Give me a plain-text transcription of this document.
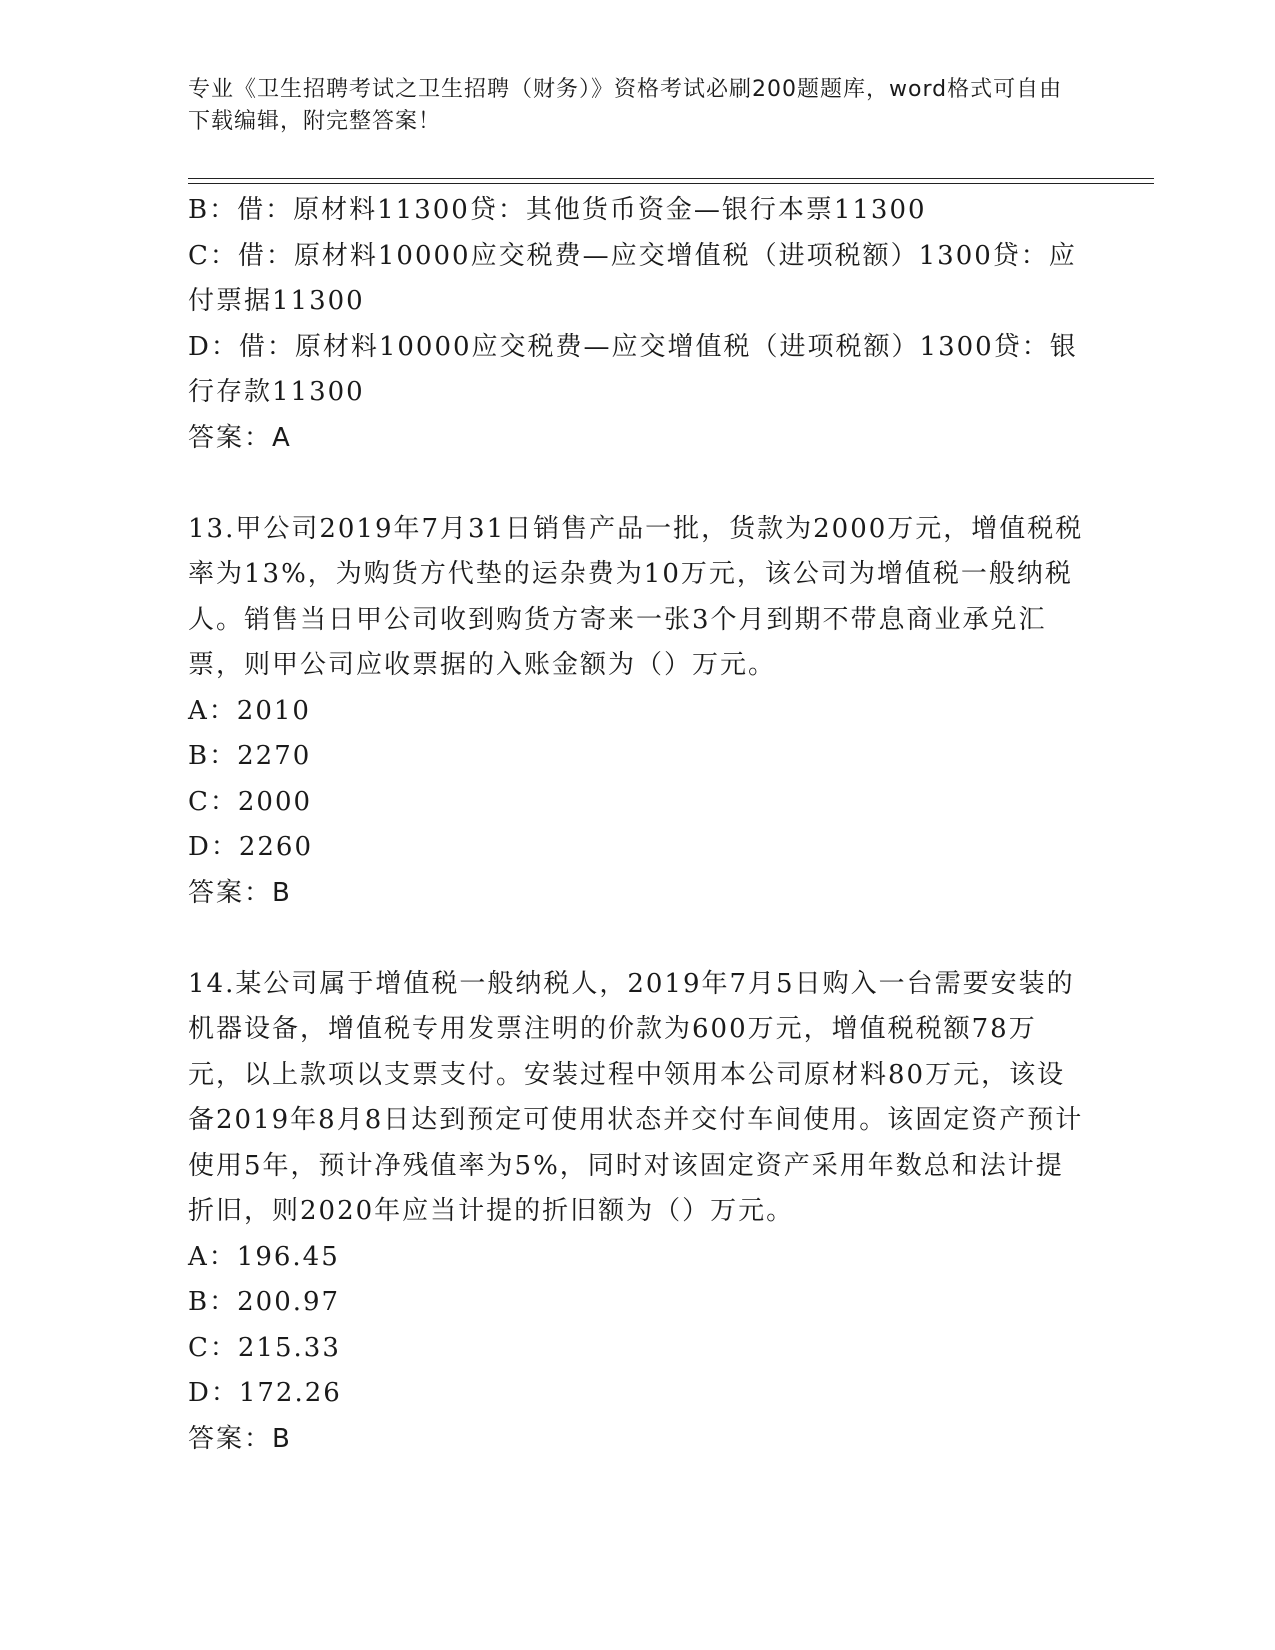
专业《卫生招聘考试之卫生招聘（财务）》资格考试必刷200题题库，word格式可自由下载编辑，附完整答案！
B：借：原材料11300贷：其他货币资金—银行本票11300
C：借：原材料10000应交税费—应交增值税（进项税额）1300贷：应付票据11300
D：借：原材料10000应交税费—应交增值税（进项税额）1300贷：银行存款11300
答案：A
13.甲公司2019年7月31日销售产品一批，货款为2000万元，增值税税率为13%，为购货方代垫的运杂费为10万元，该公司为增值税一般纳税人。销售当日甲公司收到购货方寄来一张3个月到期不带息商业承兑汇票，则甲公司应收票据的入账金额为（）万元。
A：2010
B：2270
C：2000
D：2260
答案：B
14.某公司属于增值税一般纳税人，2019年7月5日购入一台需要安装的机器设备，增值税专用发票注明的价款为600万元，增值税税额78万元，以上款项以支票支付。安装过程中领用本公司原材料80万元，该设备2019年8月8日达到预定可使用状态并交付车间使用。该固定资产预计使用5年，预计净残值率为5%，同时对该固定资产采用年数总和法计提折旧，则2020年应当计提的折旧额为（）万元。
A：196.45
B：200.97
C：215.33
D：172.26
答案：B
